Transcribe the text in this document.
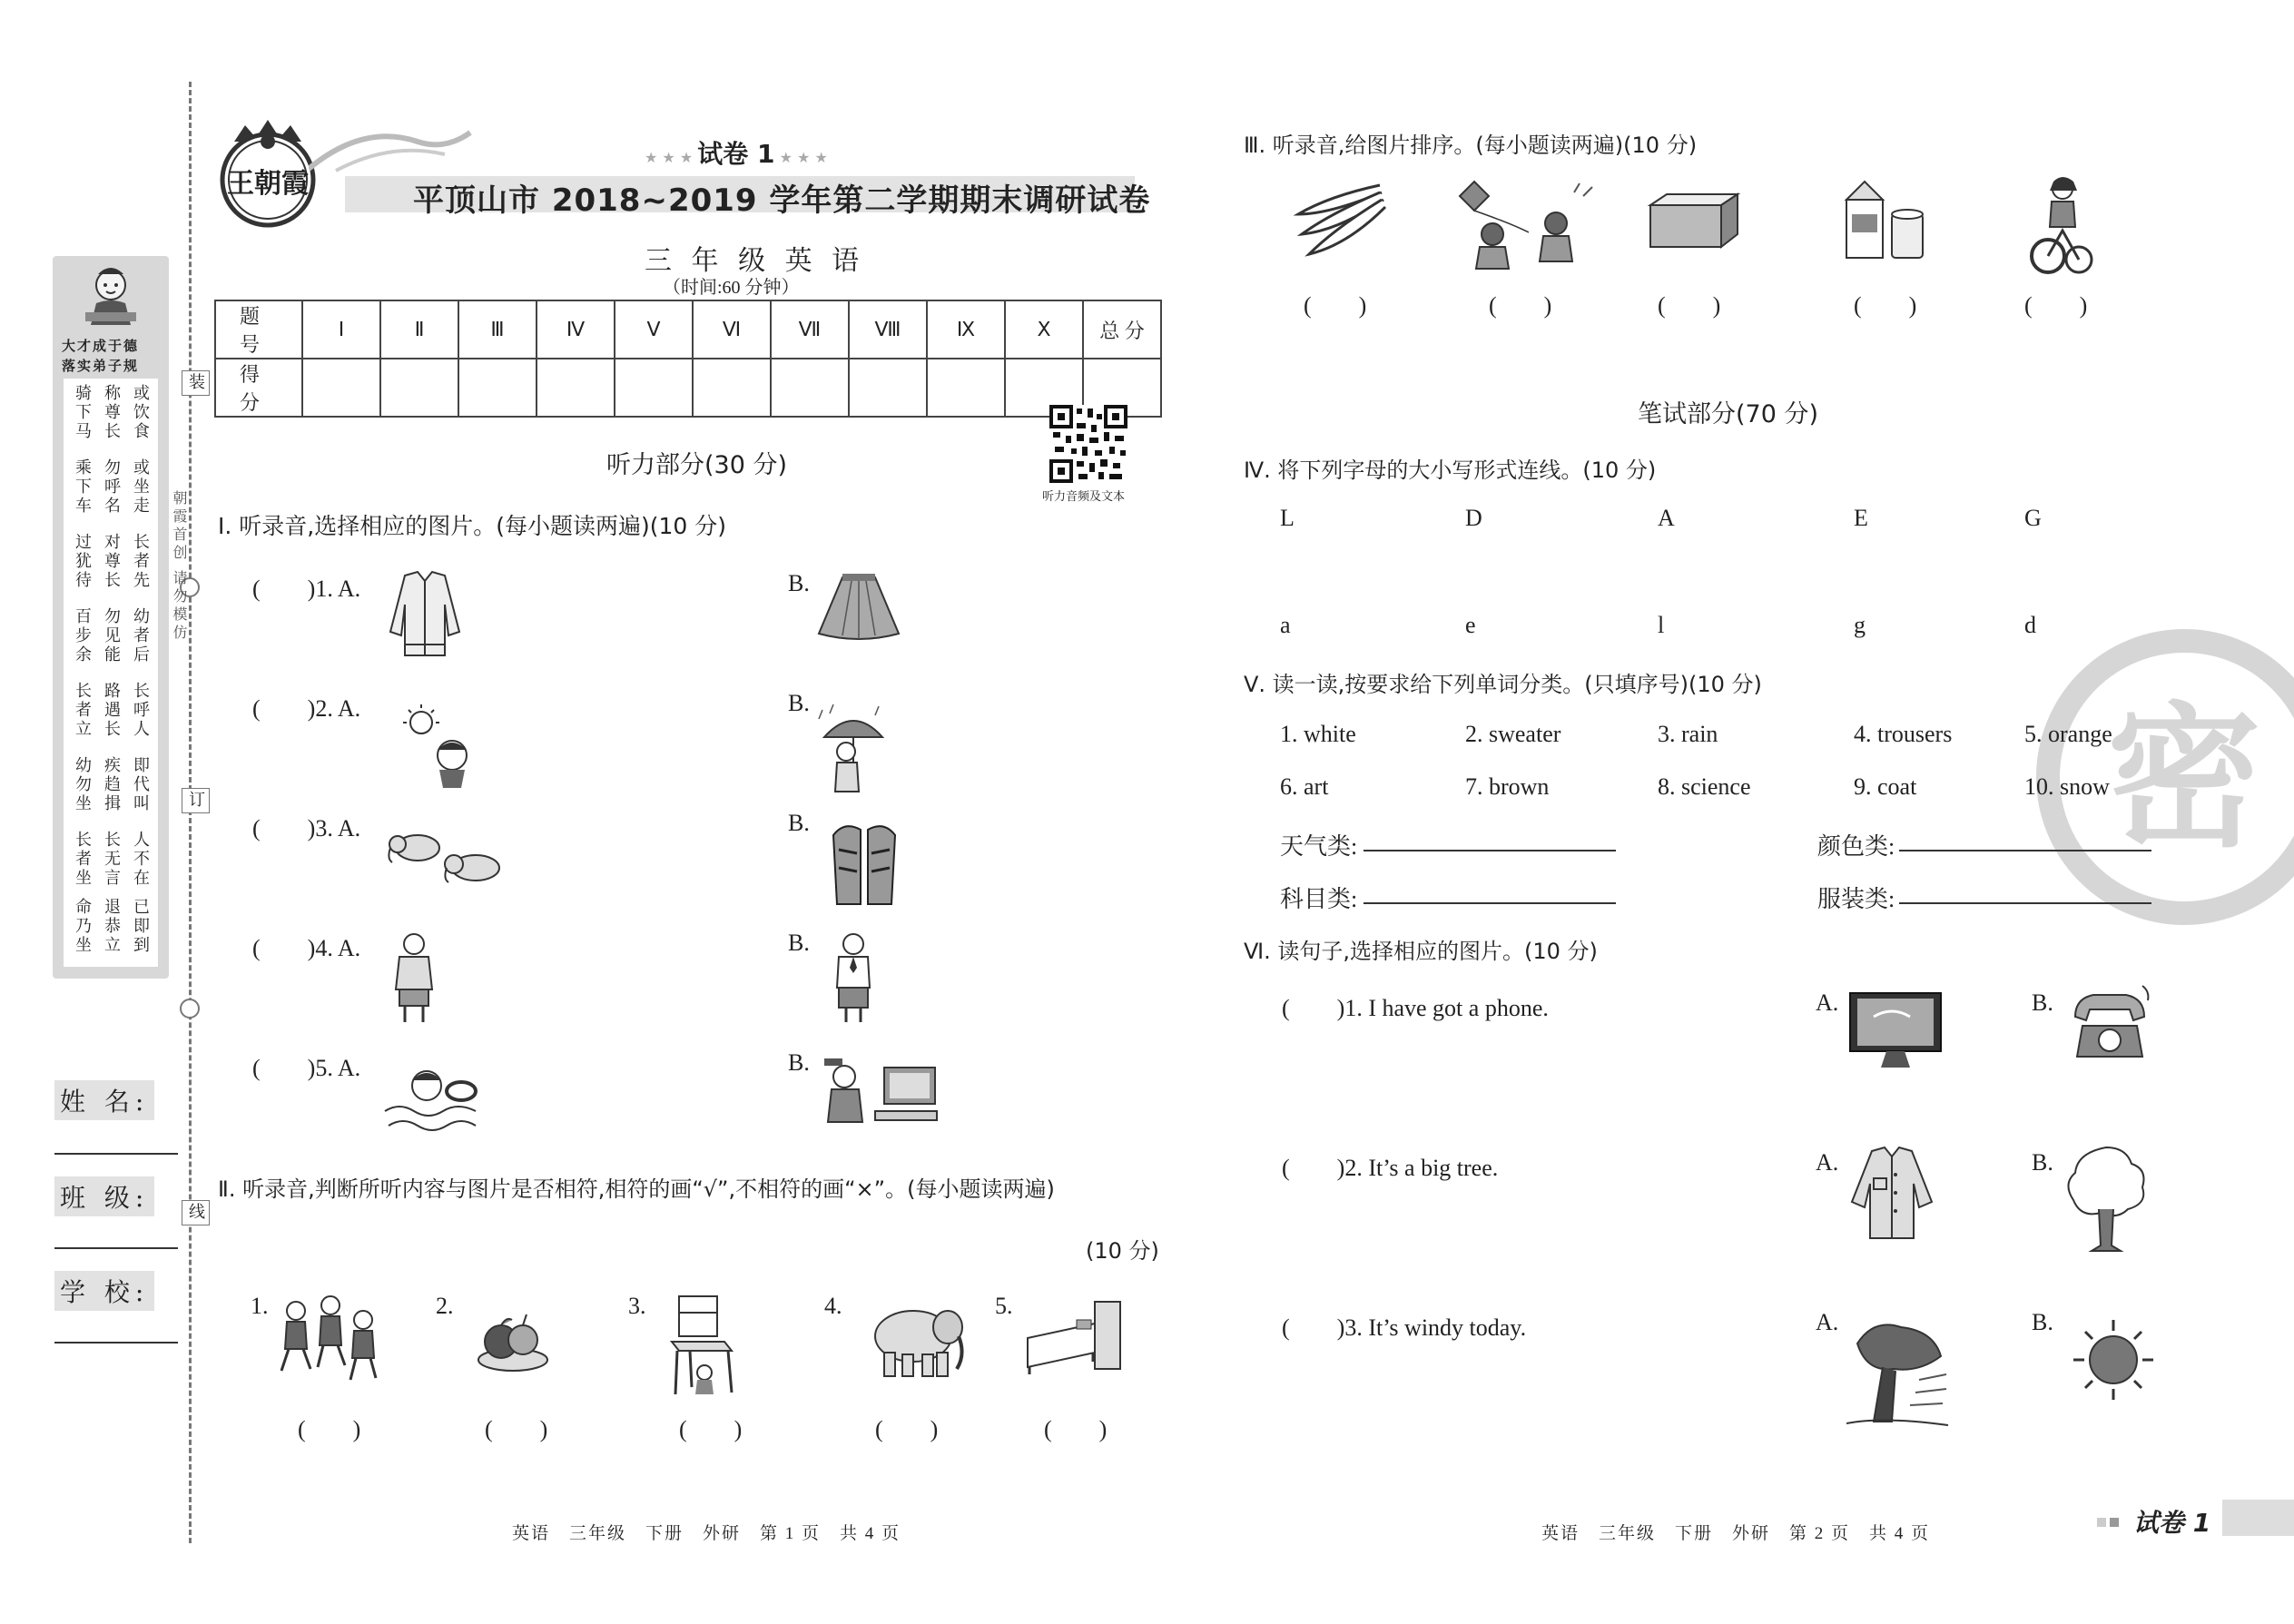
装
订
线
朝霞首创 请勿模仿
大才成于德
落实弟子规
或饮食
称尊长
骑下马
或坐走
勿呼名
乘下车
长者先
对尊长
过犹待
幼者后
勿见能
百步余
长呼人
路遇长
长者立
即代叫
疾趋揖
幼勿坐
人不在
长无言
长者坐
已即到
退恭立
命乃坐
姓 名:
班 级:
学 校:
王朝霞
★ ★ ★ 试卷 1 ★ ★ ★
平顶山市 2018~2019 学年第二学期期末调研试卷
三 年 级 英 语
（时间:60 分钟）
题 号	Ⅰ	Ⅱ	Ⅲ	Ⅳ	Ⅴ	Ⅵ	Ⅶ	Ⅷ	Ⅸ	Ⅹ	总 分
得 分											
听力音频及文本
听力部分(30 分)
Ⅰ. 听录音,选择相应的图片。(每小题读两遍)(10 分)
(　　)1. A.	B.
(　　)2. A.	B.
(　　)3. A.	B.
(　　)4. A.	B.
(　　)5. A.	B.
Ⅱ. 听录音,判断所听内容与图片是否相符,相符的画“√”,不相符的画“×”。(每小题读两遍)
(10 分)
1.	2.	3.	4.	5.
(　　)	(　　)	(　　)	(　　)	(　　)
英语　三年级　下册　外研　第 1 页　共 4 页
Ⅲ. 听录音,给图片排序。(每小题读两遍)(10 分)
(　　)	(　　)	(　　)	(　　)	(　　)
笔试部分(70 分)
Ⅳ. 将下列字母的大小写形式连线。(10 分)
L	D	A	E	G
a	e	l	g	d
密
Ⅴ. 读一读,按要求给下列单词分类。(只填序号)(10 分)
1. white	2. sweater	3. rain	4. trousers	5. orange
6. art	7. brown	8. science	9. coat	10. snow
天气类:	颜色类:
科目类:	服装类:
Ⅵ. 读句子,选择相应的图片。(10 分)
(　　)1. I have got a phone.	A.	B.
(　　)2. It’s a big tree.	A.	B.
(　　)3. It’s windy today.	A.	B.
英语　三年级　下册　外研　第 2 页　共 4 页	试卷 1
